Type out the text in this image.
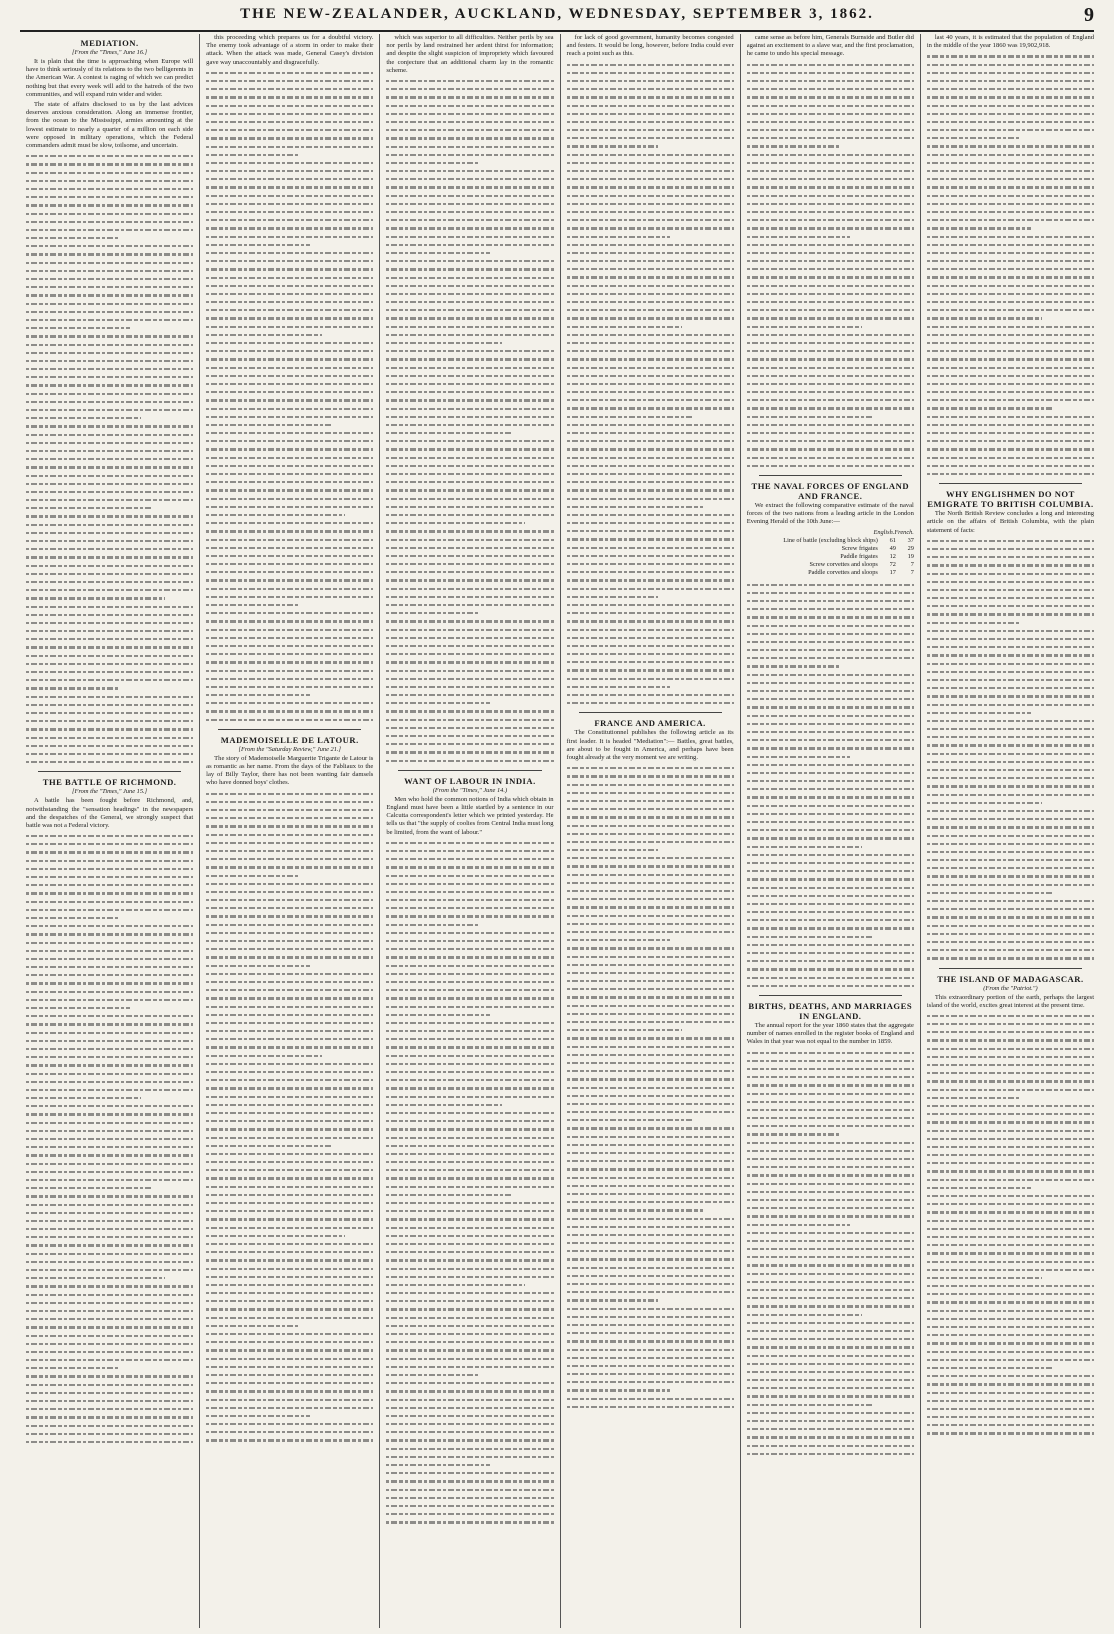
THE NEW-ZEALANDER, AUCKLAND, WEDNESDAY, SEPTEMBER 3, 1862.	9
MEDIATION.
[From the "Times," June 16.]

It is plain that the time is approaching when Europe will have to think seriously of its relations to the two belligerents in the American War. A contest is raging of which we can predict nothing but that every week will add to the hatreds of the two communities, and will expand ruin wider and wider.

The state of affairs disclosed to us by the last advices deserves anxious consideration. Along an immense frontier, from the ocean to the Mississippi, armies amounting at the lowest estimate to nearly a quarter of a million on each side were opposed in military operations, which the Federal commanders admit must be slow, toilsome, and uncertain.

THE BATTLE OF RICHMOND.
[From the "Times," June 15.]

A battle has been fought before Richmond, and, notwithstanding the "sensation headings" in the newspapers and the despatches of the General, we strongly suspect that battle was not a Federal victory.

this proceeding which prepares us for a doubtful victory. The enemy took advantage of a storm in order to make their attack. When the attack was made, General Casey's division gave way unaccountably and disgracefully.

MADEMOISELLE DE LATOUR.
[From the "Saturday Review," June 21.]

The story of Mademoiselle Marguerite Trigante de Latour is as romantic as her name. From the days of the Fabliaux to the lay of Billy Taylor, there has not been wanting fair damsels who have donned boys' clothes.

which was superior to all difficulties. Neither perils by sea nor perils by land restrained her ardent thirst for information; and despite the slight suspicion of impropriety which favoured the conjecture that an additional charm lay in the romantic scheme.

WANT OF LABOUR IN INDIA.
(From the "Times," June 14.)

Men who hold the common notions of India which obtain in England must have been a little startled by a sentence in our Calcutta correspondent's letter which we printed yesterday. He tells us that "the supply of coolies from Central India must long be limited, from the want of labour."

for lack of good government, humanity becomes congested and festers. It would be long, however, before India could ever reach a point such as this.

FRANCE AND AMERICA.

The Constitutionnel publishes the following article as its first leader. It is headed "Mediation":— Battles, great battles, are about to be fought in America, and perhaps have been fought already at the very moment we are writing.

came sense as before him, Generals Burnside and Butler did against an excitement to a slave war, and the first proclamation, he came to undo his special message.

THE NAVAL FORCES OF ENGLAND AND FRANCE.

We extract the following comparative estimate of the naval forces of the two nations from a leading article in the London Evening Herald of the 10th June:—

English. French.
Line of battle (excluding block ships)	61	37
Screw frigates	49	29
Paddle frigates	12	19
Screw corvettes and sloops	72	7
Paddle corvettes and sloops	17	7
BIRTHS, DEATHS, AND MARRIAGES IN ENGLAND.

The annual report for the year 1860 states that the aggregate number of names enrolled in the register books of England and Wales in that year was not equal to the number in 1859.

last 40 years, it is estimated that the population of England in the middle of the year 1860 was 19,902,918.

WHY ENGLISHMEN DO NOT EMIGRATE TO BRITISH COLUMBIA.

The North British Review concludes a long and interesting article on the affairs of British Columbia, with the plain statement of facts:

THE ISLAND OF MADAGASCAR.
(From the "Patriot.")

This extraordinary portion of the earth, perhaps the largest island of the world, excites great interest at the present time.
